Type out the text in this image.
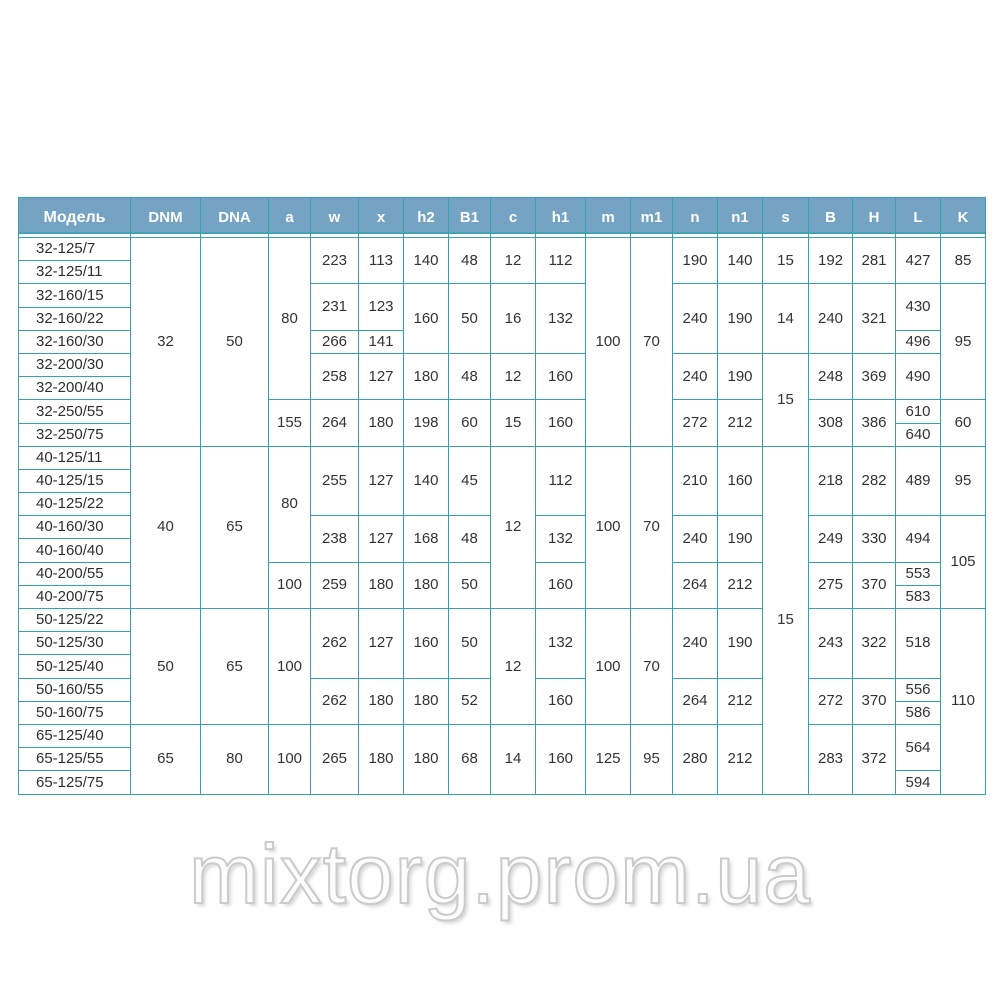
Модель	DNM	DNA	a	w	x	h2	B1	c	h1	m	m1	n	n1	s	B	H	L	K
32-125/7	32	50	80	223	113	140	48	12	112	100	70	190	140	15	192	281	427	85
32-125/11																		
32-160/15				231	123	160	50	16	132			240	190	14	240	321	430	95
32-160/22																		
32-160/30				266	141												496	
32-200/30				258	127	180	48	12	160			240	190	15	248	369	490	
32-200/40																		
32-250/55			155	264	180	198	60	15	160			272	212		308	386	610	60
32-250/75																	640	
40-125/11	40	65	80	255	127	140	45	12	112	100	70	210	160	15	218	282	489	95
40-125/15																		
40-125/22																		
40-160/30				238	127	168	48		132			240	190		249	330	494	105
40-160/40																		
40-200/55			100	259	180	180	50		160			264	212		275	370	553	
40-200/75																	583	
50-125/22	50	65	100	262	127	160	50	12	132	100	70	240	190		243	322	518	110
50-125/30																		
50-125/40																		
50-160/55				262	180	180	52		160			264	212		272	370	556	
50-160/75																	586	
65-125/40	65	80	100	265	180	180	68	14	160	125	95	280	212		283	372	564	
65-125/55																		
65-125/75																	594	
mixtorg.prom.ua
